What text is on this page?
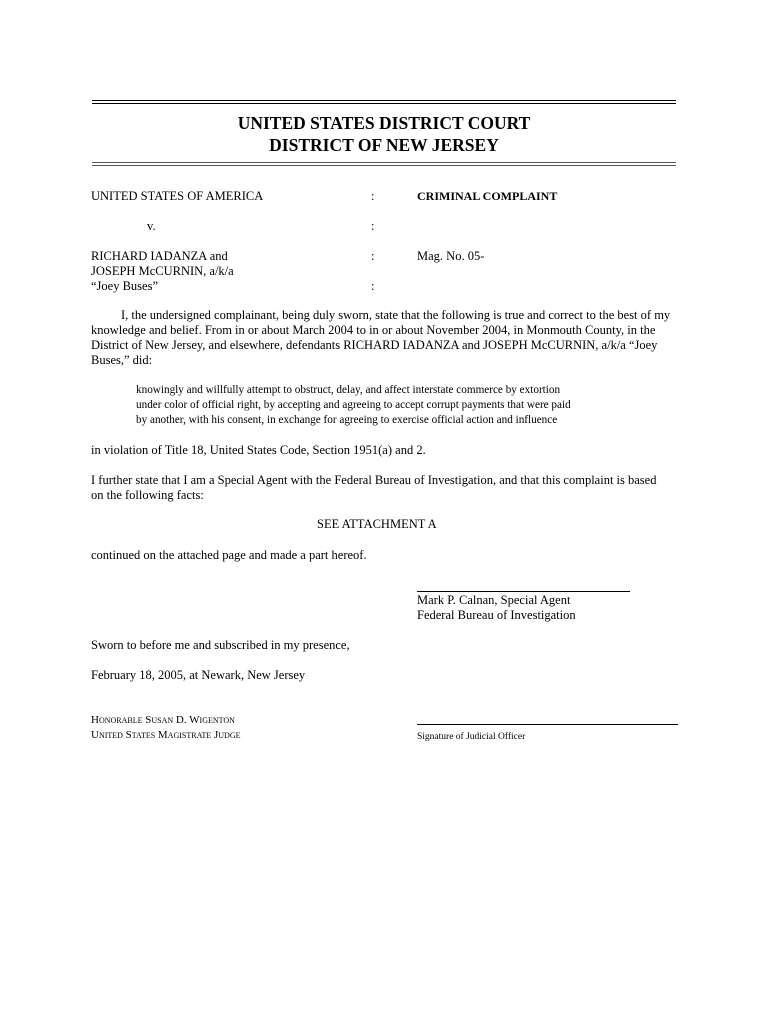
UNITED STATES DISTRICT COURT
DISTRICT OF NEW JERSEY
UNITED STATES OF AMERICA	:	CRIMINAL COMPLAINT
v.	:
RICHARD IADANZA and	:	Mag. No. 05-
JOSEPH McCURNIN, a/k/a
“Joey Buses”	:
I, the undersigned complainant, being duly sworn, state that the following is true and correct to the best of my knowledge and belief. From in or about March 2004 to in or about November 2004, in Monmouth County, in the District of New Jersey, and elsewhere, defendants RICHARD IADANZA and JOSEPH McCURNIN, a/k/a “Joey Buses,” did:
knowingly and willfully attempt to obstruct, delay, and affect interstate commerce by extortion
under color of official right, by accepting and agreeing to accept corrupt payments that were paid
by another, with his consent, in exchange for agreeing to exercise official action and influence
in violation of Title 18, United States Code, Section 1951(a) and 2.
I further state that I am a Special Agent with the Federal Bureau of Investigation, and that this complaint is based on the following facts:
SEE ATTACHMENT A
continued on the attached page and made a part hereof.
Mark P. Calnan, Special Agent
Federal Bureau of Investigation
Sworn to before me and subscribed in my presence,
February 18, 2005, at Newark, New Jersey
Honorable Susan D. Wigenton
United States Magistrate Judge	Signature of Judicial Officer
